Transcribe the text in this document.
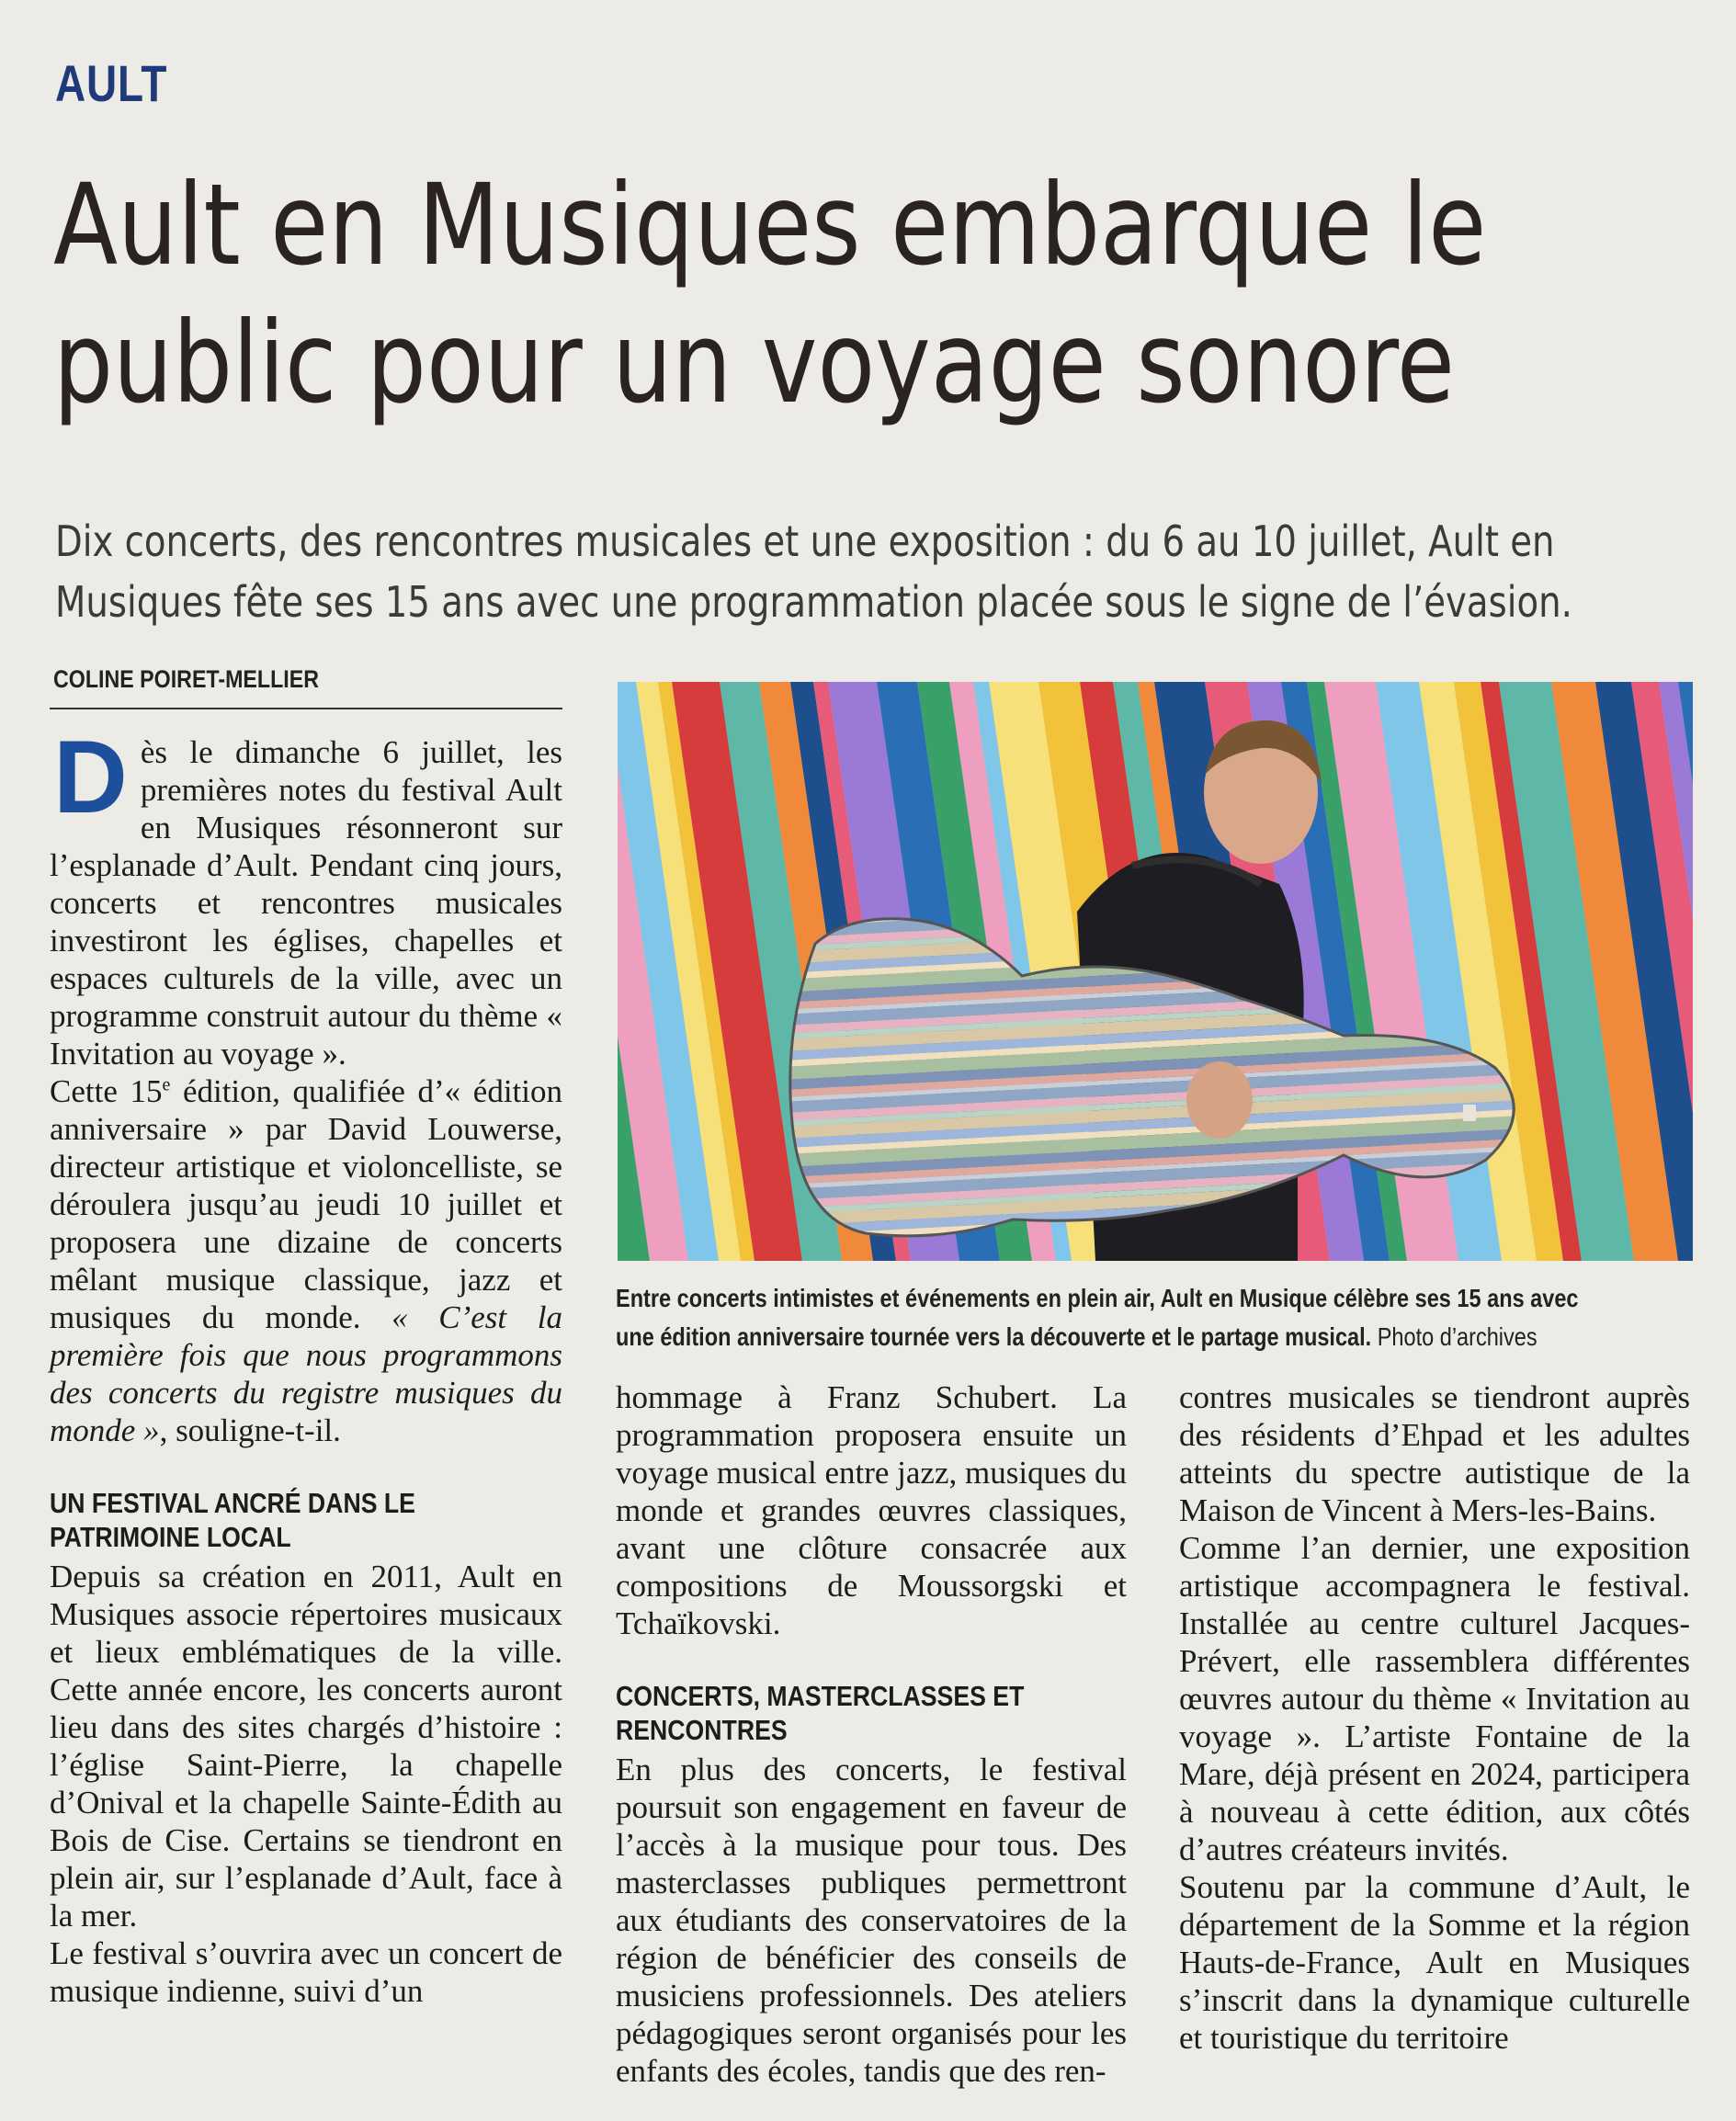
AULT
Ault en Musiques embarque le
public pour un voyage sonore
Dix concerts, des rencontres musicales et une exposition : du 6 au 10 juillet, Ault en
Musiques fête ses 15 ans avec une programmation placée sous le signe de l’évasion.
COLINE POIRET-MELLIER

Dès le dimanche 6 juillet, les premières notes du festival Ault en Musiques résonneront sur l’esplanade d’Ault. Pendant cinq jours, concerts et rencontres musicales investiront les églises, chapelles et espaces culturels de la ville, avec un programme construit autour du thème « Invitation au voyage ».

Cette 15e édition, qualifiée d’« édition anniversaire » par David Louwerse, directeur artistique et violoncelliste, se déroulera jusqu’au jeudi 10 juillet et proposera une dizaine de concerts mêlant musique classique, jazz et musiques du monde. « C’est la première fois que nous programmons des concerts du registre musiques du monde », souligne-t-il.

UN FESTIVAL ANCRÉ DANS LE PATRIMOINE LOCAL

Depuis sa création en 2011, Ault en Musiques associe répertoires musicaux et lieux emblématiques de la ville. Cette année encore, les concerts auront lieu dans des sites chargés d’histoire : l’église Saint-Pierre, la chapelle d’Onival et la chapelle Sainte-Édith au Bois de Cise. Certains se tiendront en plein air, sur l’esplanade d’Ault, face à la mer.

Le festival s’ouvrira avec un concert de musique indienne, suivi d’un

Entre concerts intimistes et événements en plein air, Ault en Musique célèbre ses 15 ans avec
une édition anniversaire tournée vers la découverte et le partage musical. Photo d’archives

hommage à Franz Schubert. La programmation proposera ensuite un voyage musical entre jazz, musiques du monde et grandes œuvres classiques, avant une clôture consacrée aux compositions de Moussorgski et Tchaïkovski.

CONCERTS, MASTERCLASSES ET RENCONTRES

En plus des concerts, le festival poursuit son engagement en faveur de l’accès à la musique pour tous. Des masterclasses publiques permettront aux étudiants des conservatoires de la région de bénéficier des conseils de musiciens professionnels. Des ateliers pédagogiques seront organisés pour les enfants des écoles, tandis que des ren-

contres musicales se tiendront auprès des résidents d’Ehpad et les adultes atteints du spectre autistique de la Maison de Vincent à Mers-les-Bains.

Comme l’an dernier, une exposition artistique accompagnera le festival. Installée au centre culturel Jacques-Prévert, elle rassemblera différentes œuvres autour du thème « Invitation au voyage ». L’artiste Fontaine de la Mare, déjà présent en 2024, participera à nouveau à cette édition, aux côtés d’autres créateurs invités.

Soutenu par la commune d’Ault, le département de la Somme et la région Hauts-de-France, Ault en Musiques s’inscrit dans la dynamique culturelle et touristique du territoire
